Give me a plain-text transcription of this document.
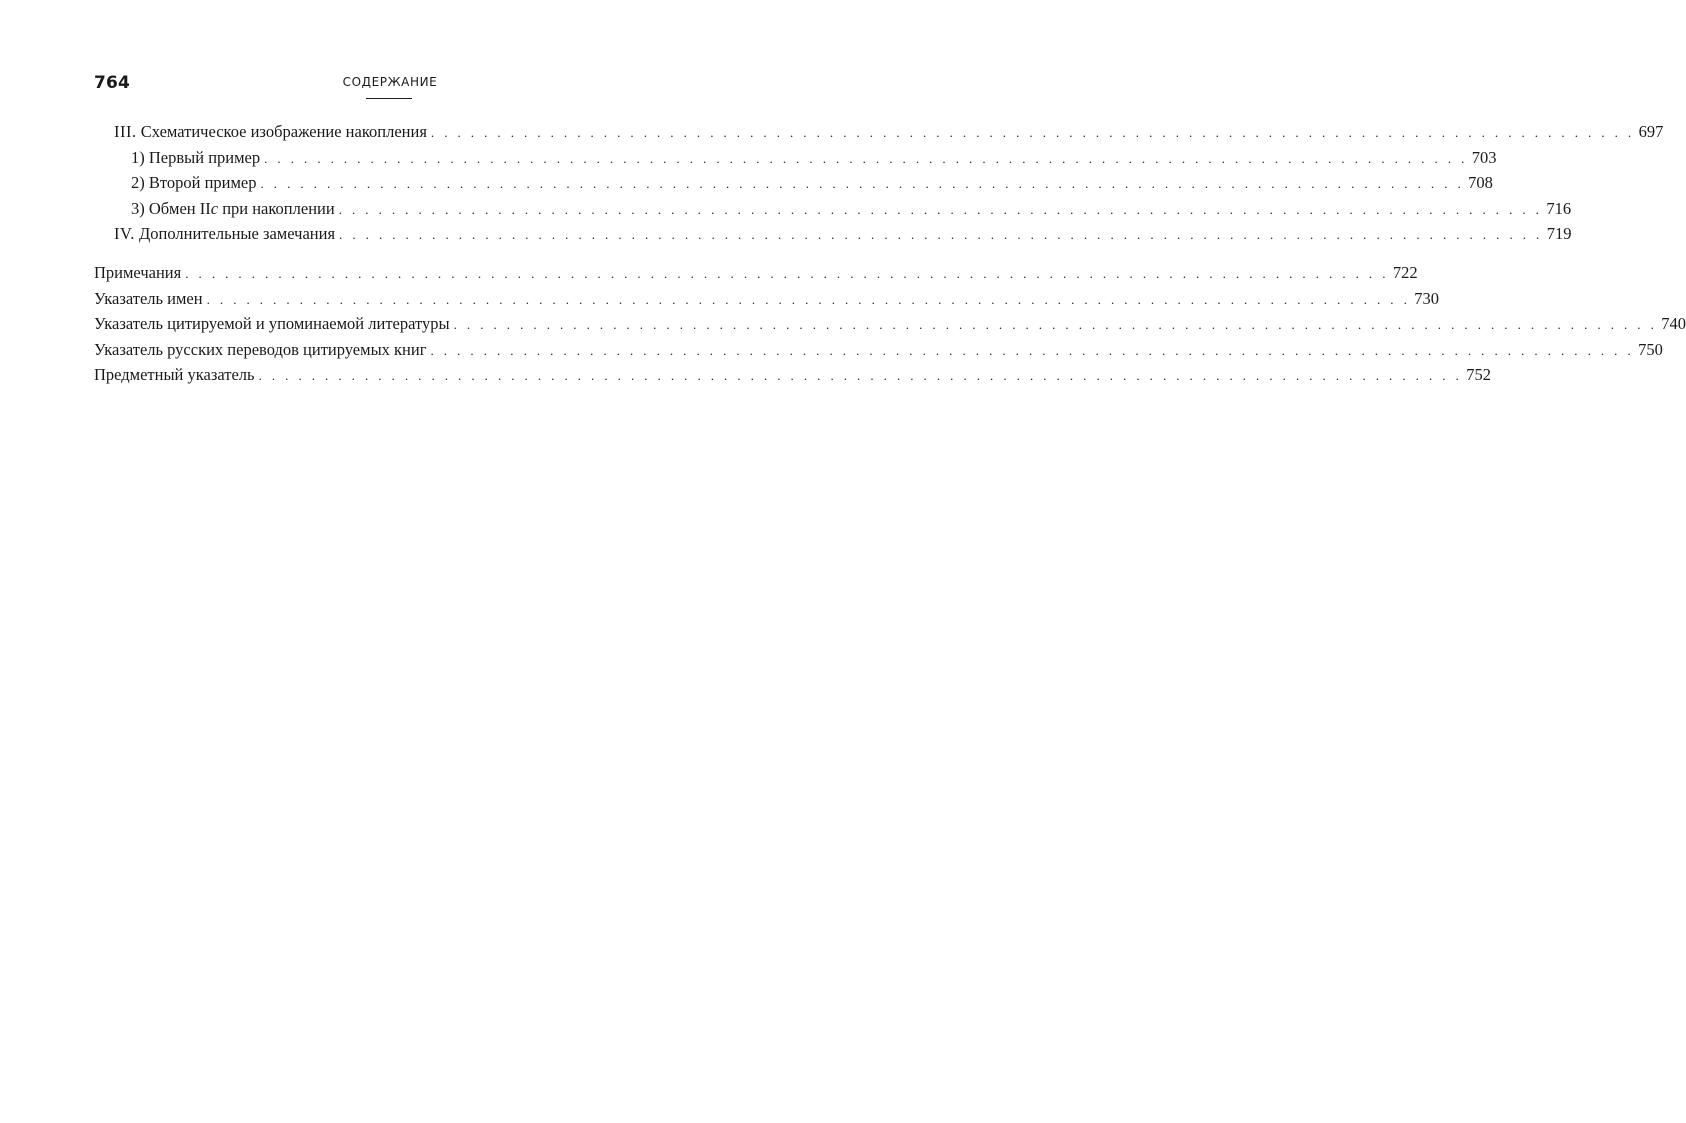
764	СОДЕРЖАНИЕ
III. Схематическое изображение накопления . . . . . . . . . . . . . . . . . . . . . . . . . . . . . . . . . . . . . . . . . . . . . . . . . . . . . . . . . . . . . . . . . . . . . . . . . . . . . . . . . . . . . . . . . . . 697
1) Первый пример . . . . . . . . . . . . . . . . . . . . . . . . . . . . . . . . . . . . . . . . . . . . . . . . . . . . . . . . . . . . . . . . . . . . . . . . . . . . . . . . . . . . . . . . . . . 703
2) Второй пример . . . . . . . . . . . . . . . . . . . . . . . . . . . . . . . . . . . . . . . . . . . . . . . . . . . . . . . . . . . . . . . . . . . . . . . . . . . . . . . . . . . . . . . . . . . 708
3) Обмен IIc при накоплении . . . . . . . . . . . . . . . . . . . . . . . . . . . . . . . . . . . . . . . . . . . . . . . . . . . . . . . . . . . . . . . . . . . . . . . . . . . . . . . . . . . . . . . . . . . 716
IV. Дополнительные замечания . . . . . . . . . . . . . . . . . . . . . . . . . . . . . . . . . . . . . . . . . . . . . . . . . . . . . . . . . . . . . . . . . . . . . . . . . . . . . . . . . . . . . . . . . . . 719
Примечания . . . . . . . . . . . . . . . . . . . . . . . . . . . . . . . . . . . . . . . . . . . . . . . . . . . . . . . . . . . . . . . . . . . . . . . . . . . . . . . . . . . . . . . . . . . 722
Указатель имен . . . . . . . . . . . . . . . . . . . . . . . . . . . . . . . . . . . . . . . . . . . . . . . . . . . . . . . . . . . . . . . . . . . . . . . . . . . . . . . . . . . . . . . . . . . 730
Указатель цитируемой и упоминаемой литературы . . . . . . . . . . . . . . . . . . . . . . . . . . . . . . . . . . . . . . . . . . . . . . . . . . . . . . . . . . . . . . . . . . . . . . . . . . . . . . . . . . . . . . . . . . . 740
Указатель русских переводов цитируемых книг . . . . . . . . . . . . . . . . . . . . . . . . . . . . . . . . . . . . . . . . . . . . . . . . . . . . . . . . . . . . . . . . . . . . . . . . . . . . . . . . . . . . . . . . . . . 750
Предметный указатель . . . . . . . . . . . . . . . . . . . . . . . . . . . . . . . . . . . . . . . . . . . . . . . . . . . . . . . . . . . . . . . . . . . . . . . . . . . . . . . . . . . . . . . . . . . 752
